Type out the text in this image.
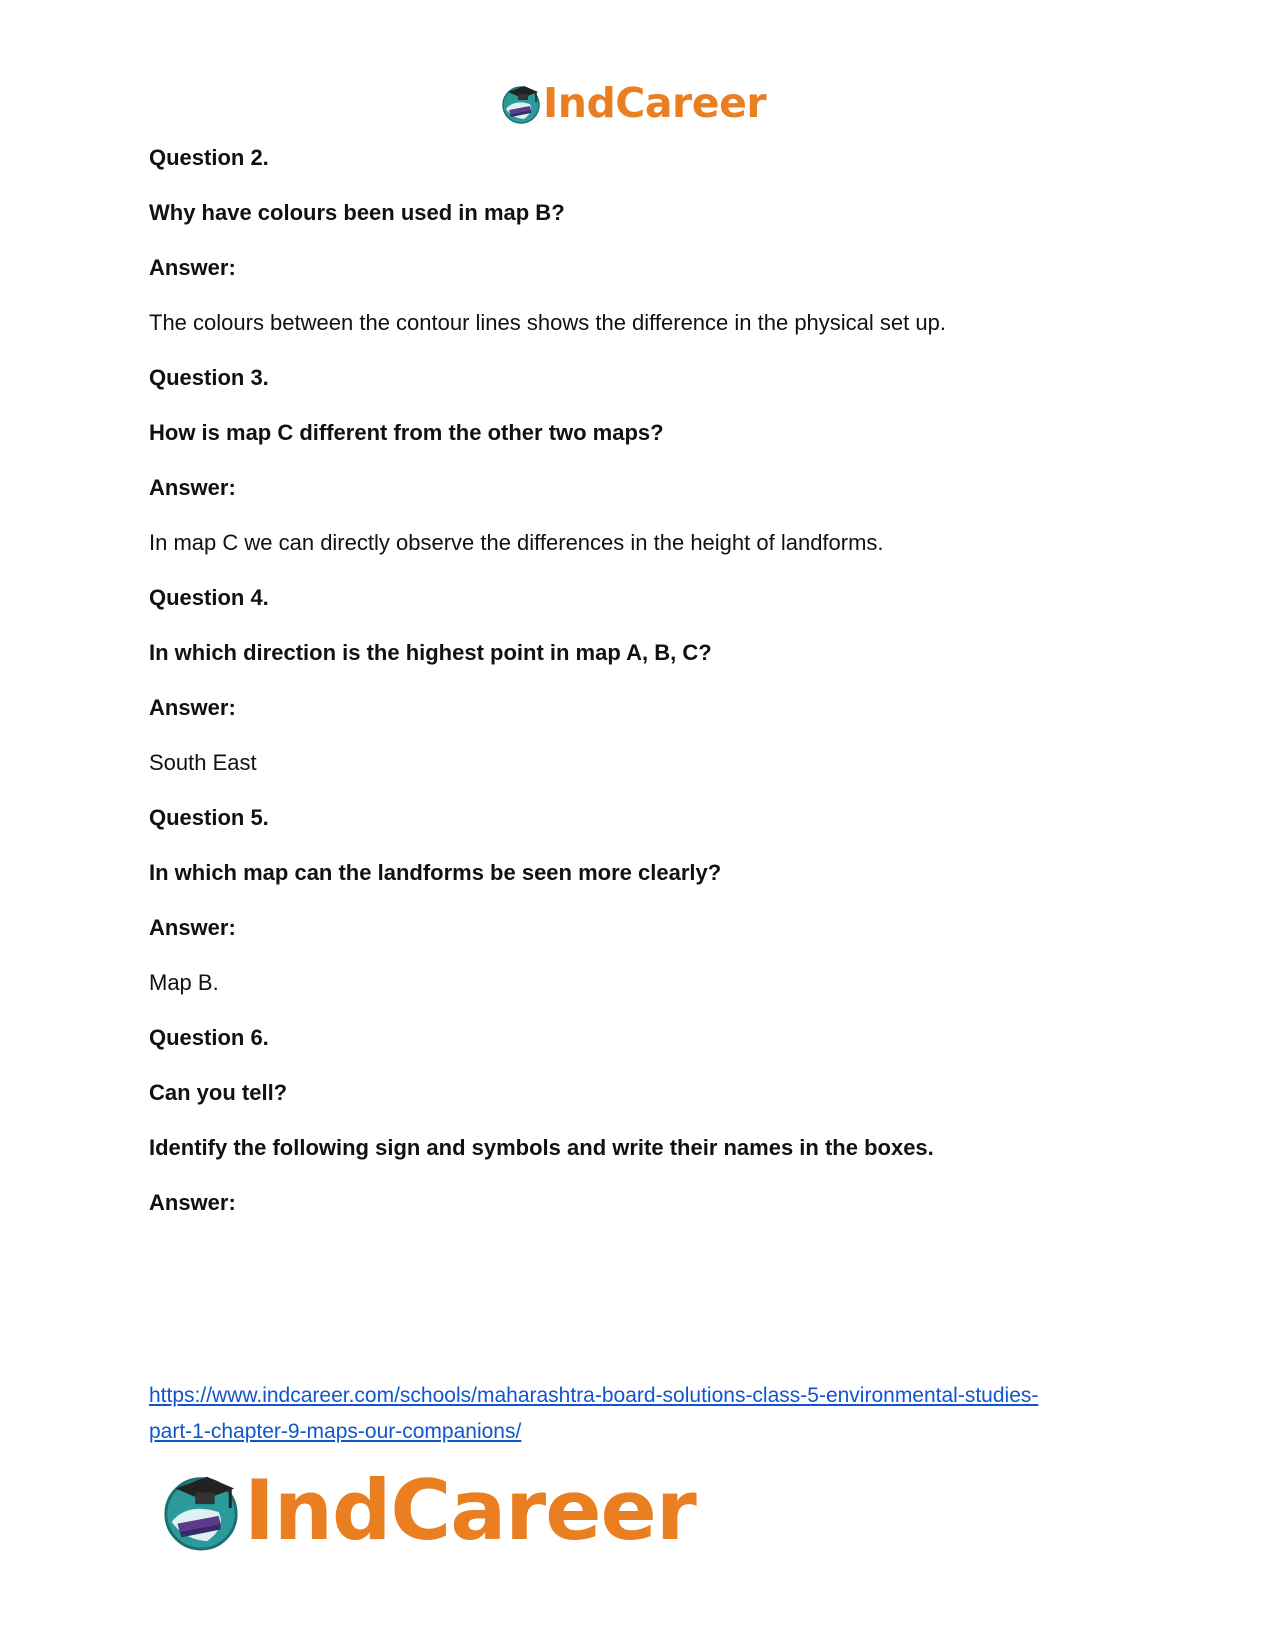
IndCareer
Question 2.
Why have colours been used in map B?
Answer:
The colours between the contour lines shows the difference in the physical set up.
Question 3.
How is map C different from the other two maps?
Answer:
In map C we can directly observe the differences in the height of landforms.
Question 4.
In which direction is the highest point in map A, B, C?
Answer:
South East
Question 5.
In which map can the landforms be seen more clearly?
Answer:
Map B.
Question 6.
Can you tell?
Identify the following sign and symbols and write their names in the boxes.
Answer:
https://www.indcareer.com/schools/maharashtra-board-solutions-class-5-environmental-studies-
part-1-chapter-9-maps-our-companions/
IndCareer
